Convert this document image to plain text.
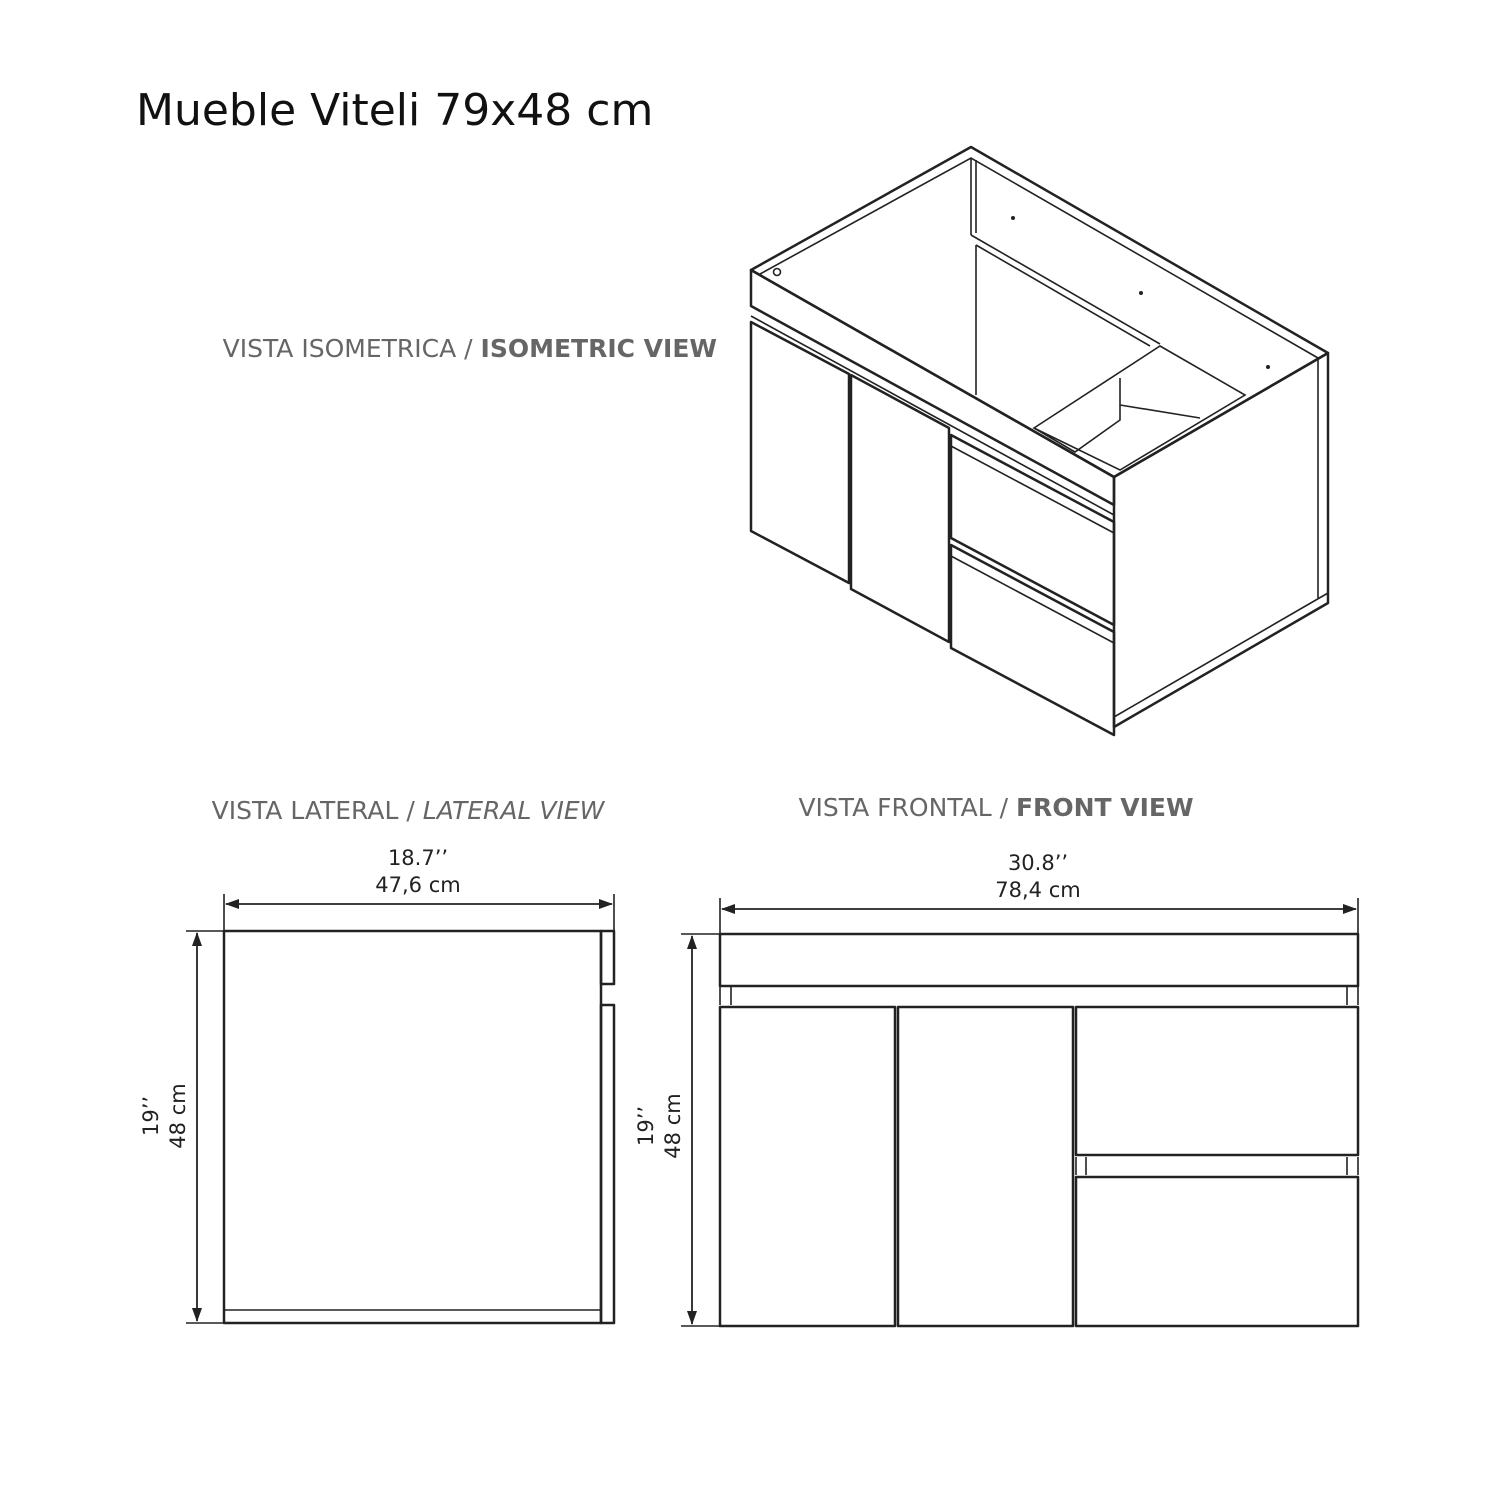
Mueble Viteli 79x48 cm
VISTA ISOMETRICA / ISOMETRIC VIEW
VISTA LATERAL / LATERAL VIEW
18.7’’
47,6 cm
19’’ 48 cm
VISTA FRONTAL / FRONT VIEW
30.8’’
78,4 cm
19’’ 48 cm
